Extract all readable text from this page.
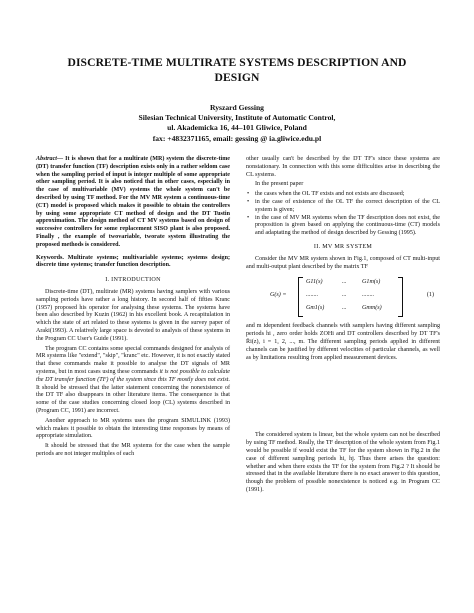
DISCRETE-TIME MULTIRATE SYSTEMS DESCRIPTION AND
DESIGN
Ryszard Gessing
Silesian Technical University, Institute of Automatic Control,
ul. Akademicka 16, 44–101 Gliwice, Poland
fax: +4832371165, email: gessing @ ia.gliwice.edu.pl

Abstract— It is shown that for a multirate (MR) system the discrete-time (DT) transfer function (TF) description exists only in a rather seldom case when the sampling period of input is integer multiple of some appropriate other sampling period. It is also noticed that in other cases, especially in the case of multivariable (MV) systems the whole system can't be described by using TF method. For the MV MR system a continuous-time (CT) model is proposed which makes it possible to obtain the controllers by using some appropriate CT method of design and the DT Tustin approximation. The design method of CT MV systems based on design of successive controllers for some replacement SISO plant is also proposed. Finally , the example of twovariable, tworate system illustrating the proposed methods is considered.

Keywords. Multirate systems; multivariable systems; systems design; discrete time systems; transfer function description.

I. INTRODUCTION

Discrete-time (DT), multirate (MR) systems having samplers with various sampling periods have rather a long history. In second half of fifties Kranc (1957) proposed his operator for analysing these systems. The systems have been also described by Kuzin (1962) in his excellent book. A recapitulation in which the state of art related to these systems is given in the survey paper of Araki(1993). A relatively large space is devoted to analysis of these systems in the Program CC User's Guide (1991).

The program CC contains some special commands designed for analysis of MR systems like "extend", "skip", "kranc" etc. However, it is not exactly stated that these commands make it possible to analyse the DT signals of MR systems, but in most cases using these commands it is not possible to calculate the DT transfer function (TF) of the system since this TF mostly does not exist. It should be stressed that the latter statement concerning the nonexistence of the DT TF also disappears in other literature items. The consequence is that some of the case studies concerning closed loop (CL) systems described in (Program CC, 1991) are incorrect.

Another approach to MR systems uses the program SIMULINK (1993) which makes it possible to obtain the interesting time responses by means of appropriate simulation.

It should be stressed that the MR systems for the case when the sample periods are not integer multiples of each

other usually can't be described by the DT TF's since these systems are nonstationary. In connection with this some difficulties arise in describing the CL systems.

In the present paper

• the cases when the OL TF exists and not exists are discussed;
• in the case of existence of the OL TF the correct description of the CL system is given;
• in the case of MV MR systems when the TF description does not exist, the proposition is given based on applying the continuous-time (CT) models and adaptating the method of design described by Gessing (1995).
II. MV MR SYSTEM

Consider the MV MR system shown in Fig.1, composed of CT multi-input and multi-output plant described by the matrix TF

G(s) =
G11(s)	...	G1m(s)
........	...	........
Gm1(s)	...	Gmm(s)
(1)

and m idependent feedback channels with samplers having different sampling periods hi , zero order holds ZOHi and DT controllers described by DT TF's R̄i(z), i = 1, 2, ..., m. The different sampling periods applied in different channels can be justified by different velocities of particular channels, as well as by limitations resulting from applied measurement devices.

The considered system is linear, but the whole system can not be described by using TF method. Really, the TF description of the whole system from Fig.1 would be possible if would exist the TF for the system shown in Fig.2 in the case of different sampling periods hi, hj. Thus there arises the question: whether and when there exists the TF for the system from Fig.2 ? It should be stressed that in the available literature there is no exact answer to this question, though the problem of possible nonexistence is noticed e.g. in Program CC (1991).
